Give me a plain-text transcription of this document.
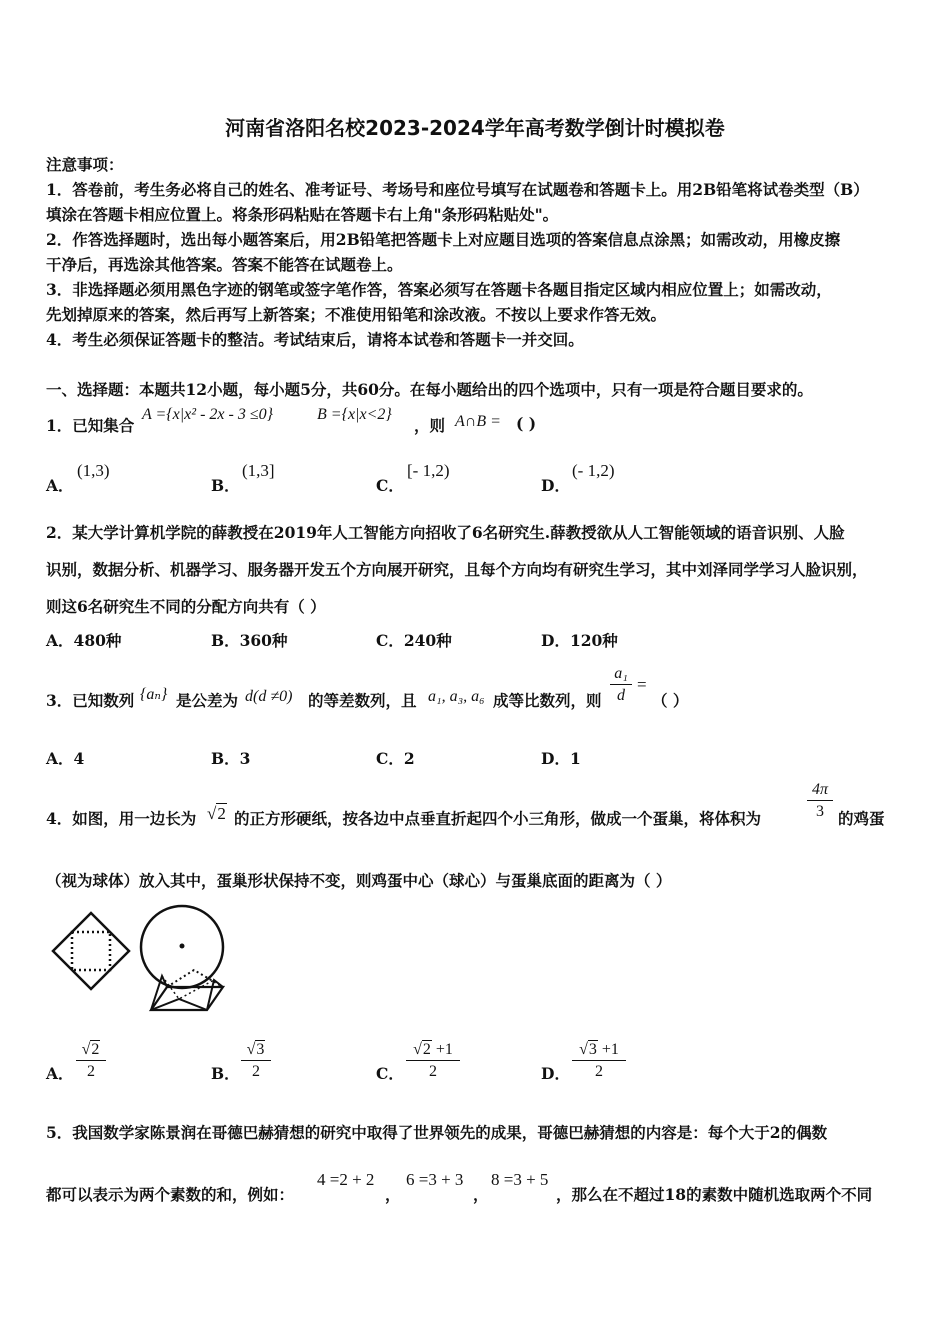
河南省洛阳名校2023-2024学年高考数学倒计时模拟卷
注意事项：
1．答卷前，考生务必将自己的姓名、准考证号、考场号和座位号填写在试题卷和答题卡上。用2B铅笔将试卷类型（B）
填涂在答题卡相应位置上。将条形码粘贴在答题卡右上角"条形码粘贴处"。
2．作答选择题时，选出每小题答案后，用2B铅笔把答题卡上对应题目选项的答案信息点涂黑；如需改动，用橡皮擦
干净后，再选涂其他答案。答案不能答在试题卷上。
3．非选择题必须用黑色字迹的钢笔或签字笔作答，答案必须写在答题卡各题目指定区域内相应位置上；如需改动，
先划掉原来的答案，然后再写上新答案；不准使用铅笔和涂改液。不按以上要求作答无效。
4．考生必须保证答题卡的整洁。考试结束后，请将本试卷和答题卡一并交回。
一、选择题：本题共12小题，每小题5分，共60分。在每小题给出的四个选项中，只有一项是符合题目要求的。
1．已知集合
A ={x|x² - 2x - 3 ≤0}	B ={x|x<2}
，则 A∩B = ( )
A．
(1,3)
B．
(1,3]
C．
[- 1,2)
D．
(- 1,2)
2．某大学计算机学院的薛教授在2019年人工智能方向招收了6名研究生.薛教授欲从人工智能领域的语音识别、人脸
识别，数据分析、机器学习、服务器开发五个方向展开研究，且每个方向均有研究生学习，其中刘泽同学学习人脸识别，
则这6名研究生不同的分配方向共有（ ）
A．480种	B．360种	C．240种	D．120种
3．已知数列 {aₙ} 是公差为 d(d ≠0) 的等差数列，且 a₁, a₃, a₆ 成等比数列，则 $\frac{\text{a₁}}{d}$ =
（ ）
A．4	B．3	C．2	D．1
4．如图，用一边长为 √2 的正方形硬纸，按各边中点垂直折起四个小三角形，做成一个蛋巢，将体积为	$\frac{4\pi}{3}$ 的鸡蛋
（视为球体）放入其中，蛋巢形状保持不变，则鸡蛋中心（球心）与蛋巢底面的距离为（ ）
A． $\frac{√2}{2}$	B． $\frac{√3}{2}$	C． $\frac{√2 +1}{2}$	D． $\frac{√3 +1}{2}$
5．我国数学家陈景润在哥德巴赫猜想的研究中取得了世界领先的成果，哥德巴赫猜想的内容是：每个大于2的偶数
都可以表示为两个素数的和，例如：
4 =2 + 2
，
6 =3 + 3
，
8 =3 + 5
，那么在不超过18的素数中随机选取两个不同
